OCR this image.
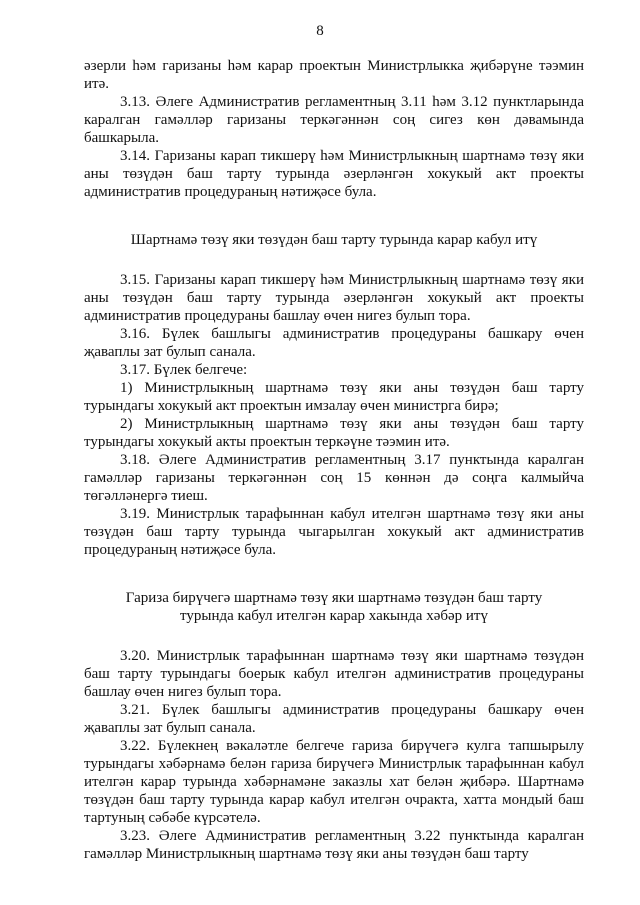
8

әзерли һәм гаризаны һәм карар проектын Министрлыкка җибәрүне тәэмин итә.

3.13. Әлеге Административ регламентның 3.11 һәм 3.12 пунктларында каралган гамәлләр гаризаны теркәгәннән соң сигез көн дәвамында башкарыла.

3.14. Гаризаны карап тикшерү һәм Министрлыкның шартнамә төзү яки аны төзүдән баш тарту турында әзерләнгән хокукый акт проекты административ процедураның нәтиҗәсе була.

Шартнамә төзү яки төзүдән баш тарту турында карар кабул итү

3.15. Гаризаны карап тикшерү һәм Министрлыкның шартнамә төзү яки аны төзүдән баш тарту турында әзерләнгән хокукый акт проекты административ процедураны башлау өчен нигез булып тора.

3.16. Бүлек башлыгы административ процедураны башкару өчен җаваплы зат булып санала.

3.17. Бүлек белгече:

1) Министрлыкның шартнамә төзү яки аны төзүдән баш тарту турындагы хокукый акт проектын имзалау өчен министрга бирә;

2) Министрлыкның шартнамә төзү яки аны төзүдән баш тарту турындагы хокукый акты проектын теркәүне тәэмин итә.

3.18. Әлеге Административ регламентның 3.17 пунктында каралган гамәлләр гаризаны теркәгәннән соң 15 көннән дә соңга калмыйча төгәлләнергә тиеш.

3.19. Министрлык тарафыннан кабул ителгән шартнамә төзү яки аны төзүдән баш тарту турында чыгарылган хокукый акт административ процедураның нәтиҗәсе була.

Гариза бирүчегә шартнамә төзү яки шартнамә төзүдән баш тарту

турында кабул ителгән карар хакында хәбәр итү

3.20. Министрлык тарафыннан шартнамә төзү яки шартнамә төзүдән баш тарту турындагы боерык кабул ителгән административ процедураны башлау өчен нигез булып тора.

3.21. Бүлек башлыгы административ процедураны башкару өчен җаваплы зат булып санала.

3.22. Бүлекнең вәкаләтле белгече гариза бирүчегә кулга тапшырылу турындагы хәбәрнамә белән гариза бирүчегә Министрлык тарафыннан кабул ителгән карар турында хәбәрнамәне заказлы хат белән җибәрә. Шартнамә төзүдән баш тарту турында карар кабул ителгән очракта, хатта мондый баш тартуның сәбәбе күрсәтелә.

3.23. Әлеге Административ регламентның 3.22 пунктында каралган гамәлләр Министрлыкның шартнамә төзү яки аны төзүдән баш тарту
